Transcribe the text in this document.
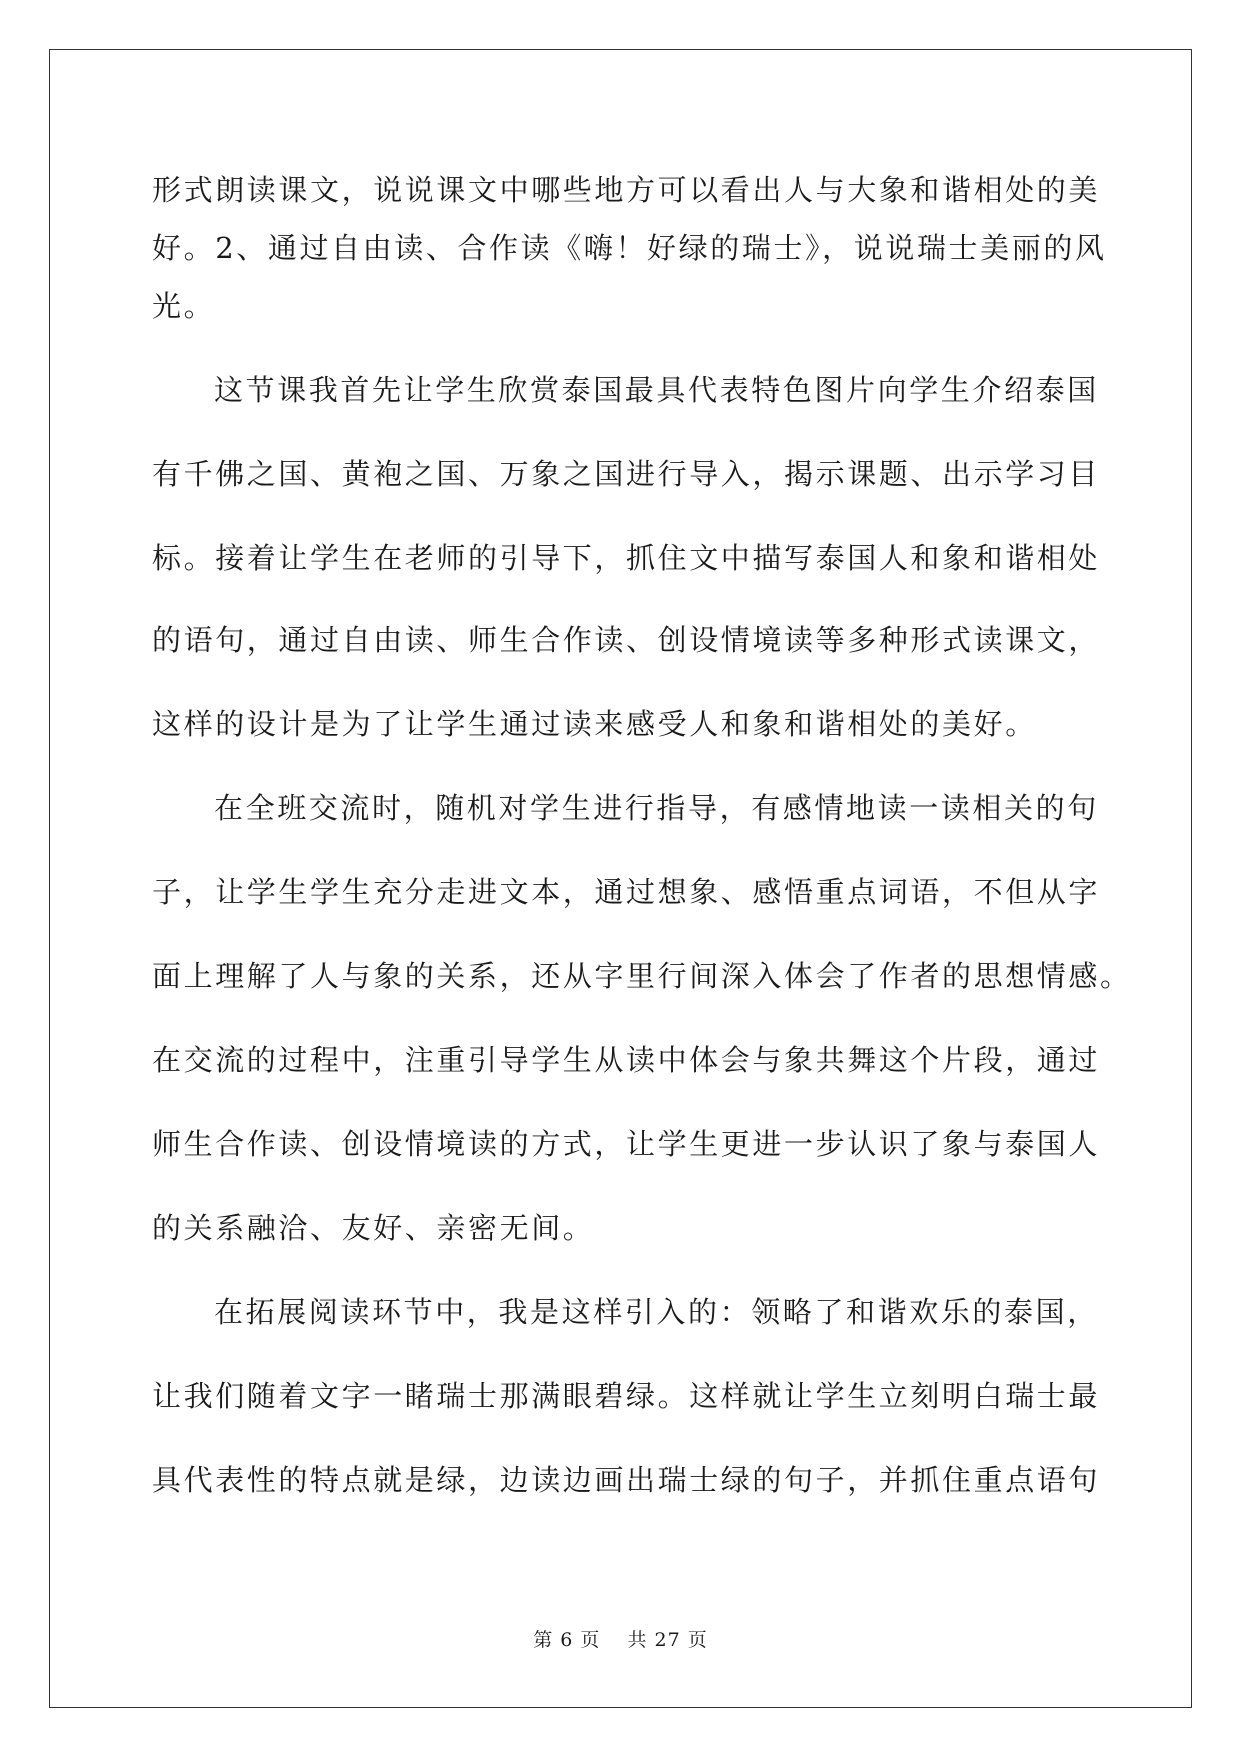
形式朗读课文，说说课文中哪些地方可以看出人与大象和谐相处的美
好。2、通过自由读、合作读《嗨！好绿的瑞士》，说说瑞士美丽的风
光。
这节课我首先让学生欣赏泰国最具代表特色图片向学生介绍泰国
有千佛之国、黄袍之国、万象之国进行导入，揭示课题、出示学习目
标。接着让学生在老师的引导下，抓住文中描写泰国人和象和谐相处
的语句，通过自由读、师生合作读、创设情境读等多种形式读课文，
这样的设计是为了让学生通过读来感受人和象和谐相处的美好。
在全班交流时，随机对学生进行指导，有感情地读一读相关的句
子，让学生学生充分走进文本，通过想象、感悟重点词语，不但从字
面上理解了人与象的关系，还从字里行间深入体会了作者的思想情感。
在交流的过程中，注重引导学生从读中体会与象共舞这个片段，通过
师生合作读、创设情境读的方式，让学生更进一步认识了象与泰国人
的关系融洽、友好、亲密无间。
在拓展阅读环节中，我是这样引入的：领略了和谐欢乐的泰国，
让我们随着文字一睹瑞士那满眼碧绿。这样就让学生立刻明白瑞士最
具代表性的特点就是绿，边读边画出瑞士绿的句子，并抓住重点语句
第 6 页　 共 27 页
